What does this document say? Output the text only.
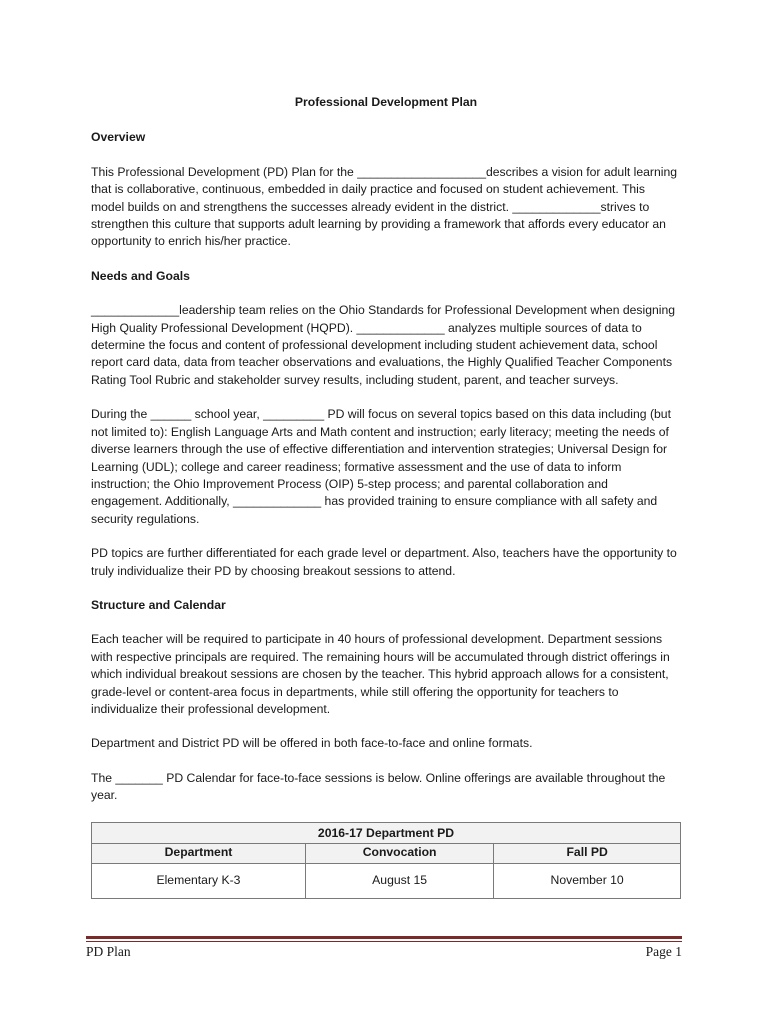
Professional Development Plan
Overview

This Professional Development (PD) Plan for the ___________________describes a vision for adult learning that is collaborative, continuous, embedded in daily practice and focused on student achievement. This model builds on and strengthens the successes already evident in the district. _____________strives to strengthen this culture that supports adult learning by providing a framework that affords every educator an opportunity to enrich his/her practice.

Needs and Goals

_____________leadership team relies on the Ohio Standards for Professional Development when designing High Quality Professional Development (HQPD). _____________ analyzes multiple sources of data to determine the focus and content of professional development including student achievement data, school report card data, data from teacher observations and evaluations, the Highly Qualified Teacher Components Rating Tool Rubric and stakeholder survey results, including student, parent, and teacher surveys.

During the ______ school year, _________ PD will focus on several topics based on this data including (but not limited to): English Language Arts and Math content and instruction; early literacy; meeting the needs of diverse learners through the use of effective differentiation and intervention strategies; Universal Design for Learning (UDL); college and career readiness; formative assessment and the use of data to inform instruction; the Ohio Improvement Process (OIP) 5-step process; and parental collaboration and engagement. Additionally, _____________ has provided training to ensure compliance with all safety and security regulations.

PD topics are further differentiated for each grade level or department. Also, teachers have the opportunity to truly individualize their PD by choosing breakout sessions to attend.

Structure and Calendar

Each teacher will be required to participate in 40 hours of professional development. Department sessions with respective principals are required. The remaining hours will be accumulated through district offerings in which individual breakout sessions are chosen by the teacher. This hybrid approach allows for a consistent, grade-level or content-area focus in departments, while still offering the opportunity for teachers to individualize their professional development.

Department and District PD will be offered in both face-to-face and online formats.

The _______ PD Calendar for face-to-face sessions is below. Online offerings are available throughout the year.

Department	Convocation	Fall PD
Elementary K-3	August 15	November 10
2016-17 Department PD
PD Plan	Page 1
